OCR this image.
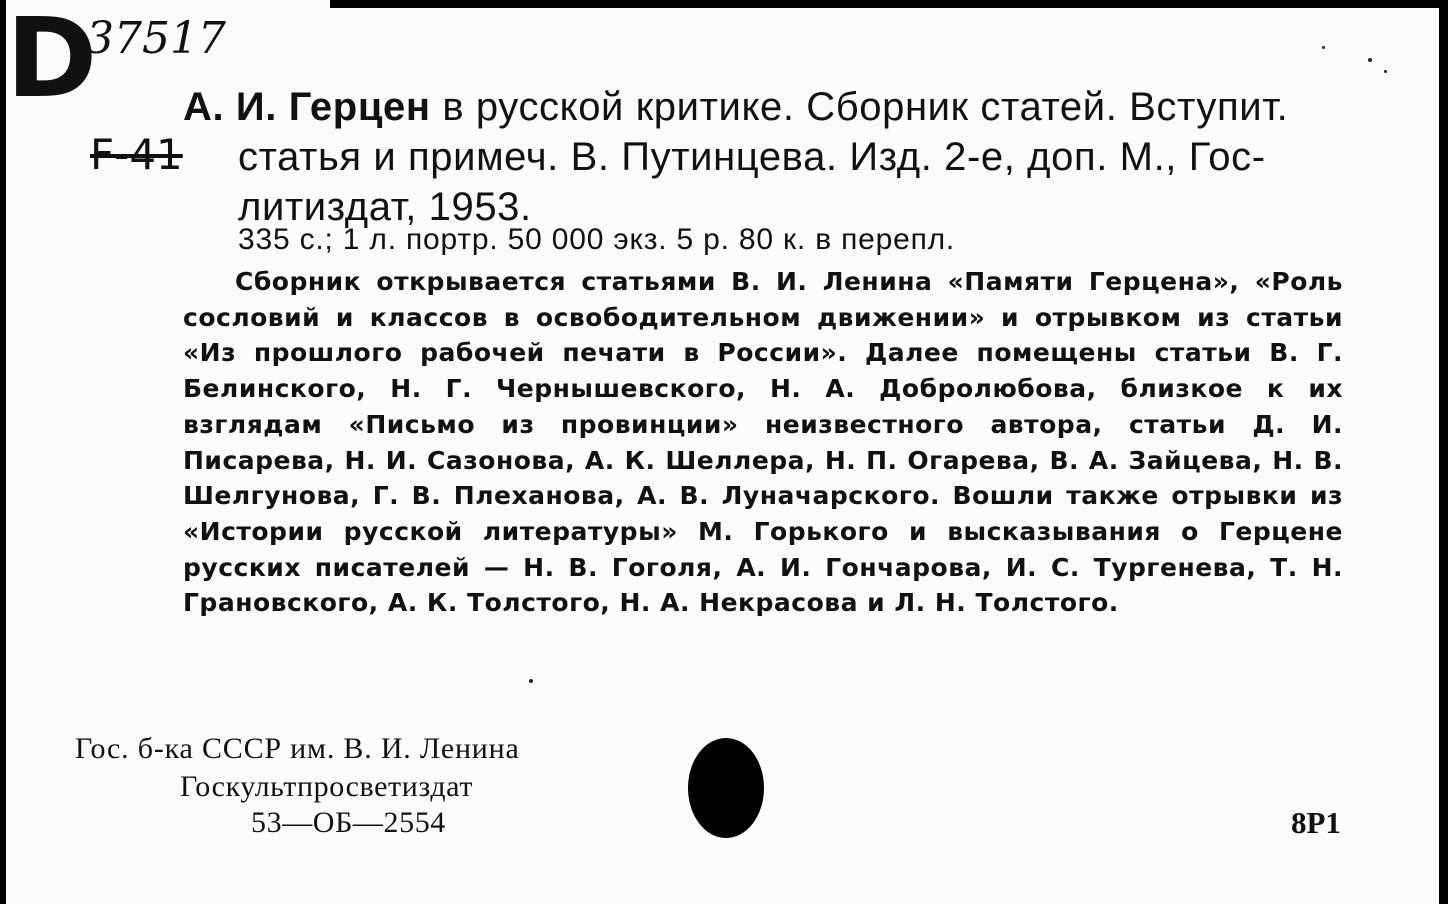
D
37517
F-41
А. И. Герцен в русской критике. Сборник статей. Вступит.
статья и примеч. В. Путинцева. Изд. 2-е, доп. М., Гос-
литиздат, 1953.
335 с.; 1 л. портр. 50 000 экз. 5 р. 80 к. в перепл.
Сборник открывается статьями В. И. Ленина «Памяти Герцена», «Роль сословий и классов в освободительном движении» и отрывком из статьи «Из прошлого рабочей печати в России». Далее помещены статьи В. Г. Белинского, Н. Г. Чернышевского, Н. А. Добролюбова, близкое к их взглядам «Письмо из провинции» неизвестного автора, статьи Д. И. Писарева, Н. И. Сазонова, А. К. Шеллера, Н. П. Огарева, В. А. Зайцева, Н. В. Шелгунова, Г. В. Плеханова, А. В. Луначарского. Вошли также отрывки из «Истории русской литературы» М. Горького и высказывания о Герцене русских писателей — Н. В. Гоголя, А. И. Гончарова, И. С. Тургенева, Т. Н. Грановского, А. К. Толстого, Н. А. Некрасова и Л. Н. Толстого.
Гос. б-ка СССР им. В. И. Ленина
Госкультпросветиздат
53—ОБ—2554	8Р1
